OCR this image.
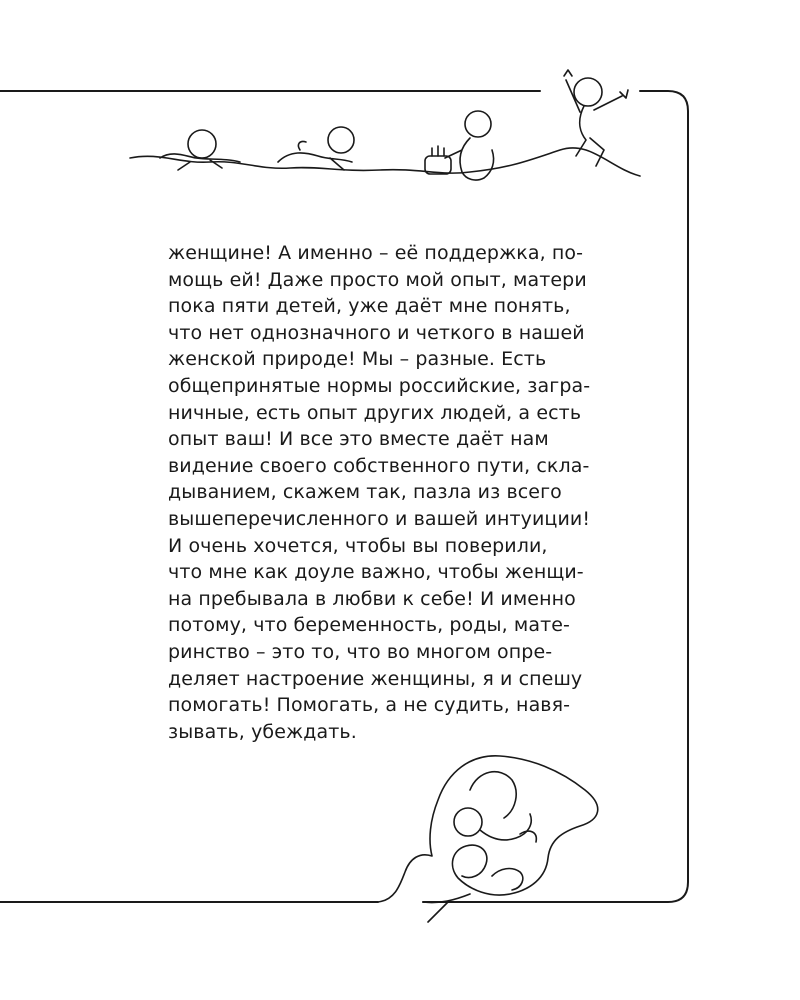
женщине! А именно – её поддержка, по-
мощь ей! Даже просто мой опыт, матери
пока пяти детей, уже даёт мне понять,
что нет однозначного и четкого в нашей
женской природе! Мы – разные. Есть
общепринятые нормы российские, загра-
ничные, есть опыт других людей, а есть
опыт ваш! И все это вместе даёт нам
видение своего собственного пути, скла-
дыванием, скажем так, пазла из всего
вышеперечисленного и вашей интуиции!
И очень хочется, чтобы вы поверили,
что мне как доуле важно, чтобы женщи-
на пребывала в любви к себе! И именно
потому, что беременность, роды, мате-
ринство – это то, что во многом опре-
деляет настроение женщины, я и спешу
помогать! Помогать, а не судить, навя-
зывать, убеждать.
